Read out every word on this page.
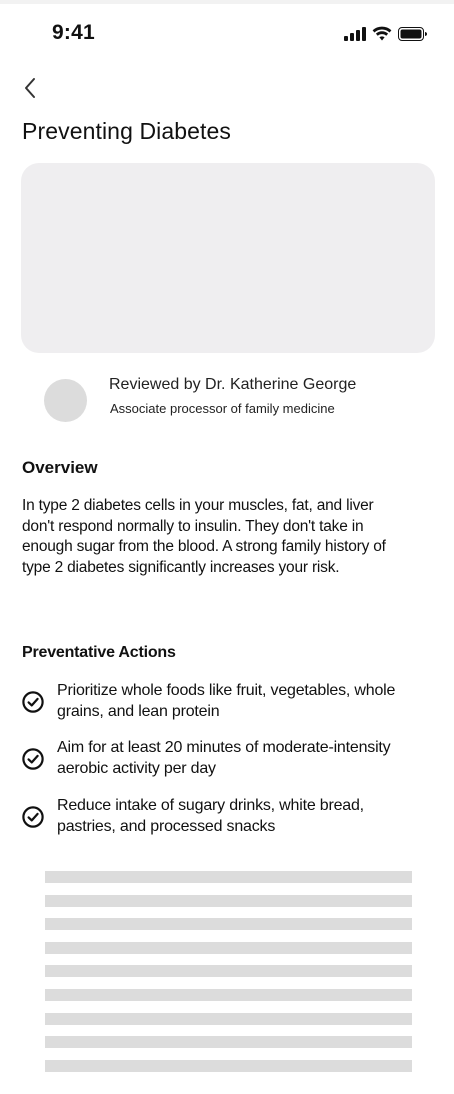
9:41
Preventing Diabetes
Reviewed by Dr. Katherine George
Associate processor of family medicine
Overview

In type 2 diabetes cells in your muscles, fat, and liver don't respond normally to insulin. They don't take in enough sugar from the blood. A strong family history of type 2 diabetes significantly increases your risk.

Preventative Actions
Prioritize whole foods like fruit, vegetables, whole grains, and lean protein
Aim for at least 20 minutes of moderate-intensity aerobic activity per day
Reduce intake of sugary drinks, white bread, pastries, and processed snacks
